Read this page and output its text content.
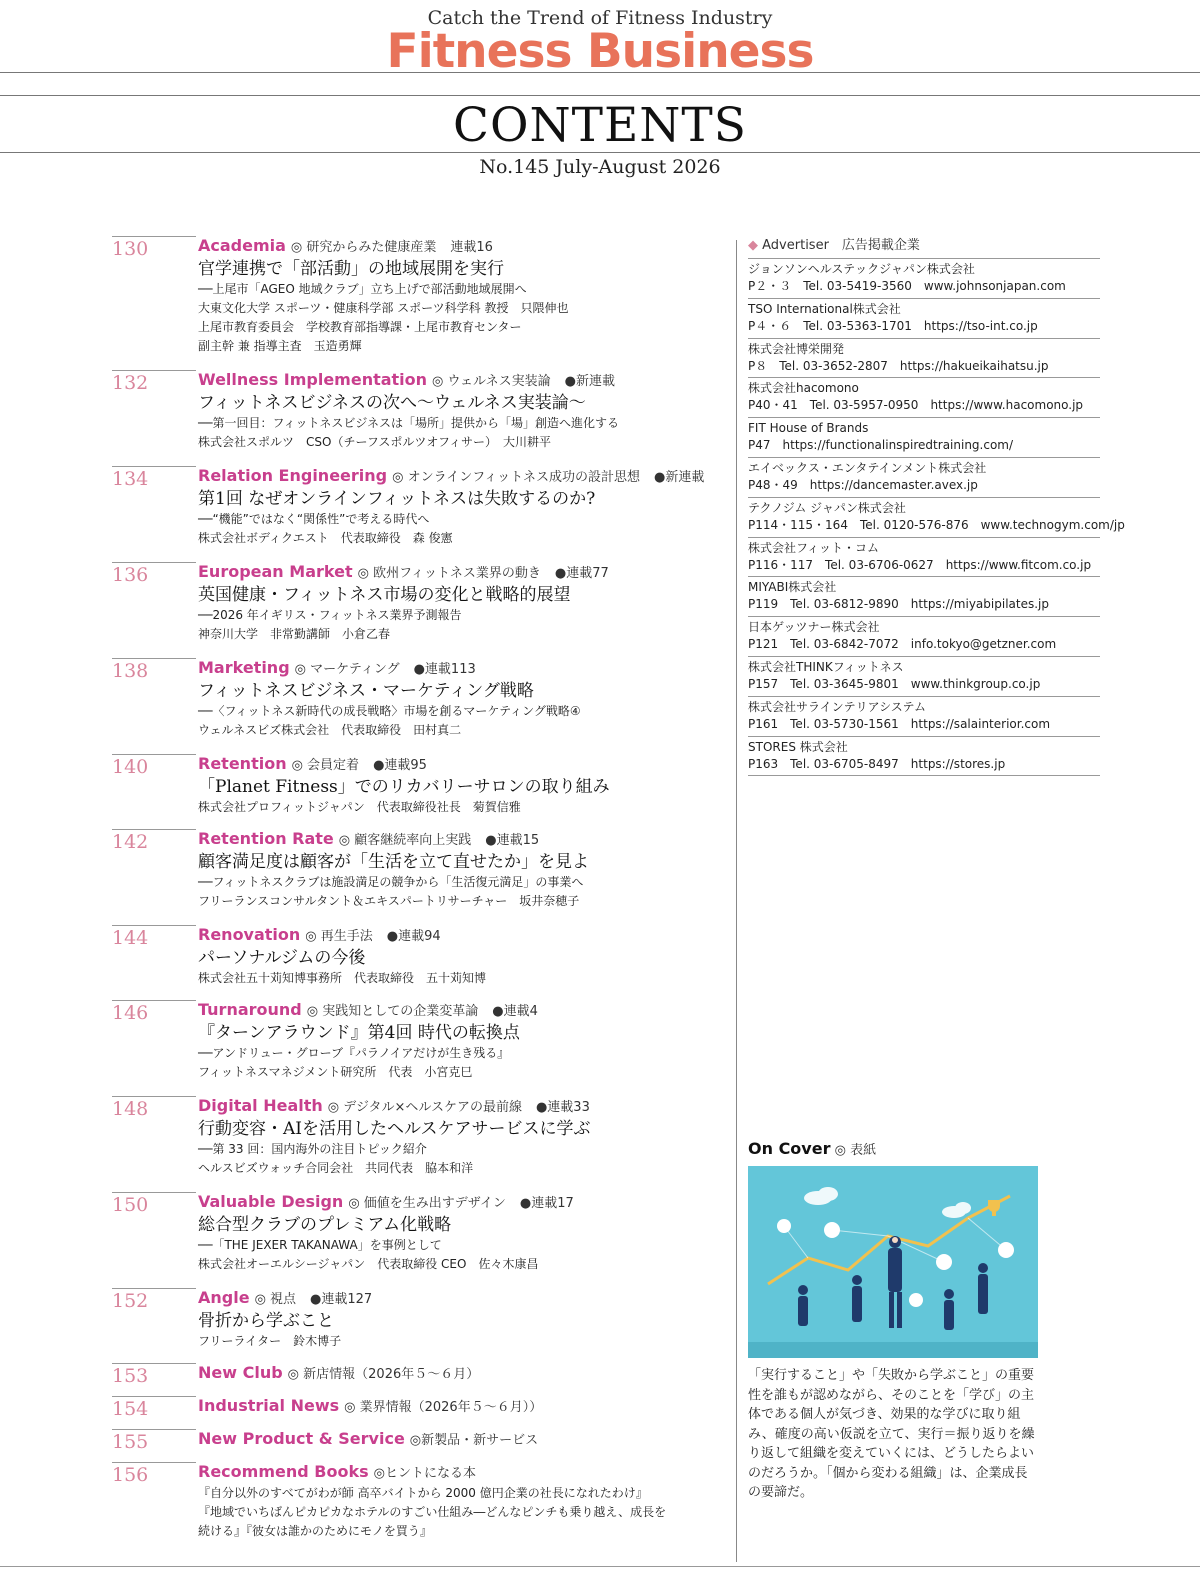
Catch the Trend of Fitness Industry
Fitness Business
CONTENTS
No.145 July-August 2026
130	Academia ◎ 研究からみた健康産業 連載16
官学連携で「部活動」の地域展開を実行
──上尾市「AGEO 地域クラブ」立ち上げで部活動地域展開へ
大東文化大学 スポーツ・健康科学部 スポーツ科学科 教授　只隈伸也
上尾市教育委員会　学校教育部指導課・上尾市教育センター
副主幹 兼 指導主査　玉造勇輝
132	Wellness Implementation ◎ ウェルネス実装論 ●新連載
フィットネスビジネスの次へ〜ウェルネス実装論〜
──第一回目：フィットネスビジネスは「場所」提供から「場」創造へ進化する
株式会社スポルツ　CSO（チーフスポルツオフィサー）　大川耕平
134	Relation Engineering ◎ オンラインフィットネス成功の設計思想 ●新連載
第1回 なぜオンラインフィットネスは失敗するのか?
──“機能”ではなく“関係性”で考える時代へ
株式会社ボディクエスト　代表取締役　森 俊憲
136	European Market ◎ 欧州フィットネス業界の動き ●連載77
英国健康・フィットネス市場の変化と戦略的展望
──2026 年イギリス・フィットネス業界予測報告
神奈川大学　非常勤講師　小倉乙春
138	Marketing ◎ マーケティング ●連載113
フィットネスビジネス・マーケティング戦略
──〈フィットネス新時代の成長戦略〉市場を創るマーケティング戦略④
ウェルネスビズ株式会社　代表取締役　田村真二
140	Retention ◎ 会員定着 ●連載95
「Planet Fitness」でのリカバリーサロンの取り組み
株式会社プロフィットジャパン　代表取締役社長　菊賀信雅
142	Retention Rate ◎ 顧客継続率向上実践 ●連載15
顧客満足度は顧客が「生活を立て直せたか」を見よ
──フィットネスクラブは施設満足の競争から「生活復元満足」の事業へ
フリーランスコンサルタント＆エキスパートリサーチャー　坂井奈穂子
144	Renovation ◎ 再生手法 ●連載94
パーソナルジムの今後
株式会社五十苅知博事務所　代表取締役　五十苅知博
146	Turnaround ◎ 実践知としての企業変革論 ●連載4
『ターンアラウンド』第4回 時代の転換点
──アンドリュー・グローブ『パラノイアだけが生き残る』
フィットネスマネジメント研究所　代表　小宮克巳
148	Digital Health ◎ デジタル×ヘルスケアの最前線 ●連載33
行動変容・AIを活用したヘルスケアサービスに学ぶ
──第 33 回：国内海外の注目トピック紹介
ヘルスビズウォッチ合同会社　共同代表　脇本和洋
150	Valuable Design ◎ 価値を生み出すデザイン ●連載17
総合型クラブのプレミアム化戦略
──「THE JEXER TAKANAWA」を事例として
株式会社オーエルシージャパン　代表取締役 CEO　佐々木康昌
152	Angle ◎ 視点 ●連載127
骨折から学ぶこと
フリーライター　鈴木博子
153	New Club ◎ 新店情報（2026年５〜６月）
154	Industrial News ◎ 業界情報（2026年５〜６月））
155	New Product & Service ◎新製品・新サービス
156	Recommend Books ◎ヒントになる本
『自分以外のすべてがわが師 高卒バイトから 2000 億円企業の社長になれたわけ』
『地域でいちばんピカピカなホテルのすごい仕組み―どんなピンチも乗り越え、成長を
続ける』『彼女は誰かのためにモノを買う』
◆ Advertiser　広告掲載企業
ジョンソンヘルステックジャパン株式会社
P２・３ Tel. 03-5419-3560 www.johnsonjapan.com
TSO International株式会社
P４・６ Tel. 03-5363-1701 https://tso-int.co.jp
株式会社博栄開発
P８ Tel. 03-3652-2807 https://hakueikaihatsu.jp
株式会社hacomono
P40・41 Tel. 03-5957-0950 https://www.hacomono.jp
FIT House of Brands
P47 https://functionalinspiredtraining.com/
エイベックス・エンタテインメント株式会社
P48・49 https://dancemaster.avex.jp
テクノジム ジャパン株式会社
P114・115・164 Tel. 0120-576-876 www.technogym.com/jp
株式会社フィット・コム
P116・117 Tel. 03-6706-0627 https://www.fitcom.co.jp
MIYABI株式会社
P119 Tel. 03-6812-9890 https://miyabipilates.jp
日本ゲッツナー株式会社
P121 Tel. 03-6842-7072 info.tokyo@getzner.com
株式会社THINKフィットネス
P157 Tel. 03-3645-9801 www.thinkgroup.co.jp
株式会社サラインテリアシステム
P161 Tel. 03-5730-1561 https://salainterior.com
STORES 株式会社
P163 Tel. 03-6705-8497 https://stores.jp
On Cover ◎ 表紙
「実行すること」や「失敗から学ぶこと」の重要性を誰もが認めながら、そのことを「学び」の主体である個人が気づき、効果的な学びに取り組み、確度の高い仮説を立て、実行＝振り返りを繰り返して組織を変えていくには、どうしたらよいのだろうか。「個から変わる組織」は、企業成長の要諦だ。
